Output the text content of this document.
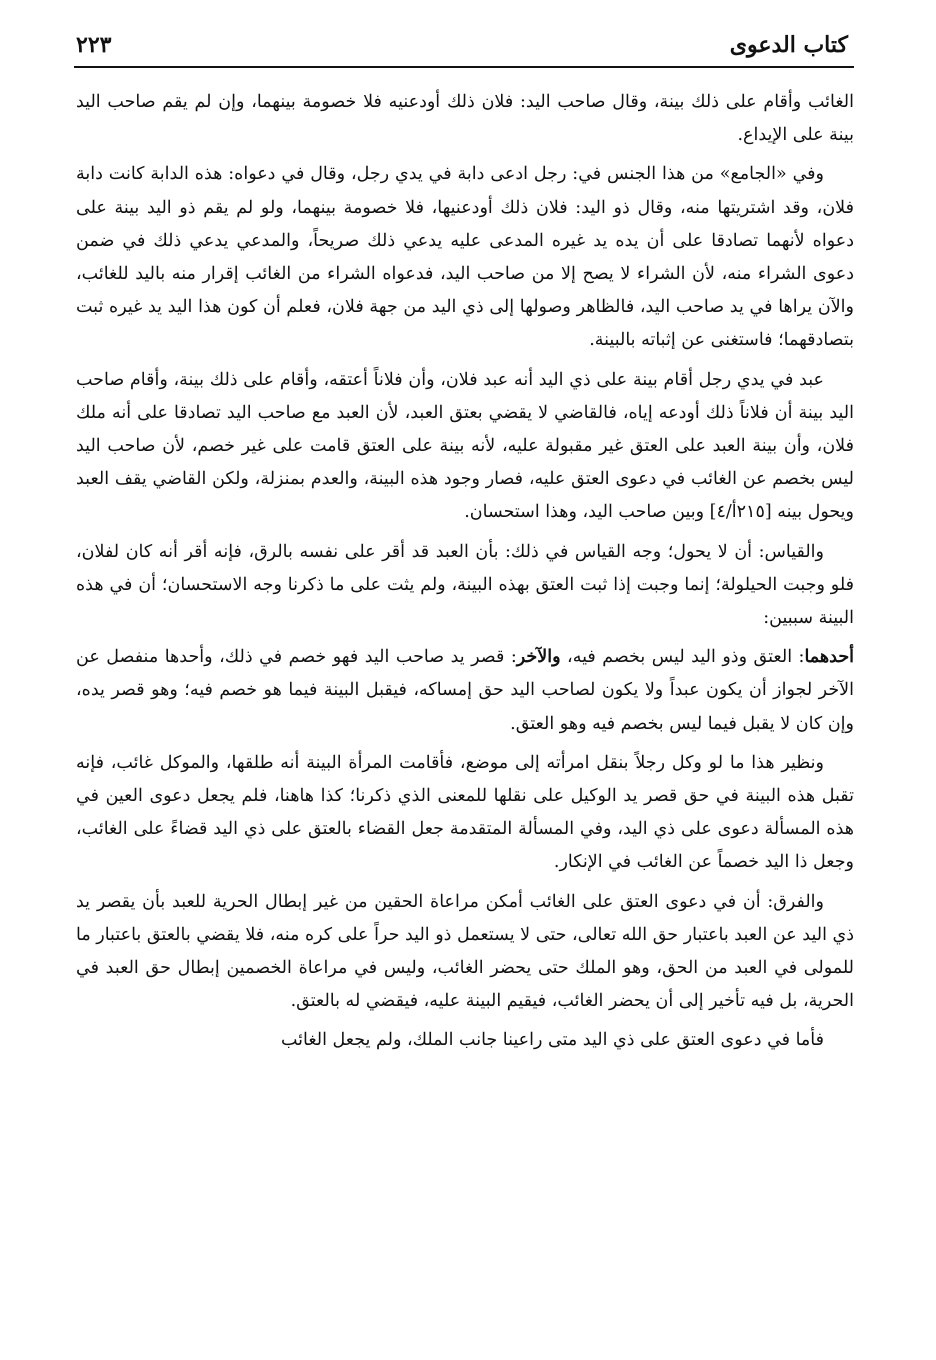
كتاب الدعوى
٢٢٣

الغائب وأقام على ذلك بينة، وقال صاحب اليد: فلان ذلك أودعنيه فلا خصومة بينهما، وإن لم يقم صاحب اليد بينة على الإيداع.

وفي «الجامع» من هذا الجنس في: رجل ادعى دابة في يدي رجل، وقال في دعواه: هذه الدابة كانت دابة فلان، وقد اشتريتها منه، وقال ذو اليد: فلان ذلك أودعنيها، فلا خصومة بينهما، ولو لم يقم ذو اليد بينة على دعواه لأنهما تصادقا على أن يده يد غيره المدعى عليه يدعي ذلك صريحاً، والمدعي يدعي ذلك في ضمن دعوى الشراء منه، لأن الشراء لا يصح إلا من صاحب اليد، فدعواه الشراء من الغائب إقرار منه باليد للغائب، والآن يراها في يد صاحب اليد، فالظاهر وصولها إلى ذي اليد من جهة فلان، فعلم أن كون هذا اليد يد غيره ثبت بتصادقهما؛ فاستغنى عن إثباته بالبينة.

عبد في يدي رجل أقام بينة على ذي اليد أنه عبد فلان، وأن فلاناً أعتقه، وأقام على ذلك بينة، وأقام صاحب اليد بينة أن فلاناً ذلك أودعه إياه، فالقاضي لا يقضي بعتق العبد، لأن العبد مع صاحب اليد تصادقا على أنه ملك فلان، وأن بينة العبد على العتق غير مقبولة عليه، لأنه بينة على العتق قامت على غير خصم، لأن صاحب اليد ليس بخصم عن الغائب في دعوى العتق عليه، فصار وجود هذه البينة، والعدم بمنزلة، ولكن القاضي يقف العبد ويحول بينه [٢١٥أ/٤] وبين صاحب اليد، وهذا استحسان.

والقياس: أن لا يحول؛ وجه القياس في ذلك: بأن العبد قد أقر على نفسه بالرق، فإنه أقر أنه كان لفلان، فلو وجبت الحيلولة؛ إنما وجبت إذا ثبت العتق بهذه البينة، ولم يثت على ما ذكرنا وجه الاستحسان؛ أن في هذه البينة سببين:

أحدهما: العتق وذو اليد ليس بخصم فيه، والآخر: قصر يد صاحب اليد فهو خصم في ذلك، وأحدها منفصل عن الآخر لجواز أن يكون عبداً ولا يكون لصاحب اليد حق إمساكه، فيقبل البينة فيما هو خصم فيه؛ وهو قصر يده، وإن كان لا يقبل فيما ليس بخصم فيه وهو العتق.

ونظير هذا ما لو وكل رجلاً بنقل امرأته إلى موضع، فأقامت المرأة البينة أنه طلقها، والموكل غائب، فإنه تقبل هذه البينة في حق قصر يد الوكيل على نقلها للمعنى الذي ذكرنا؛ كذا هاهنا، فلم يجعل دعوى العين في هذه المسألة دعوى على ذي اليد، وفي المسألة المتقدمة جعل القضاء بالعتق على ذي اليد قضاءً على الغائب، وجعل ذا اليد خصماً عن الغائب في الإنكار.

والفرق: أن في دعوى العتق على الغائب أمكن مراعاة الحقين من غير إبطال الحرية للعبد بأن يقصر يد ذي اليد عن العبد باعتبار حق الله تعالى، حتى لا يستعمل ذو اليد حراً على كره منه، فلا يقضي بالعتق باعتبار ما للمولى في العبد من الحق، وهو الملك حتى يحضر الغائب، وليس في مراعاة الخصمين إبطال حق العبد في الحرية، بل فيه تأخير إلى أن يحضر الغائب، فيقيم البينة عليه، فيقضي له بالعتق.

فأما في دعوى العتق على ذي اليد متى راعينا جانب الملك، ولم يجعل الغائب
